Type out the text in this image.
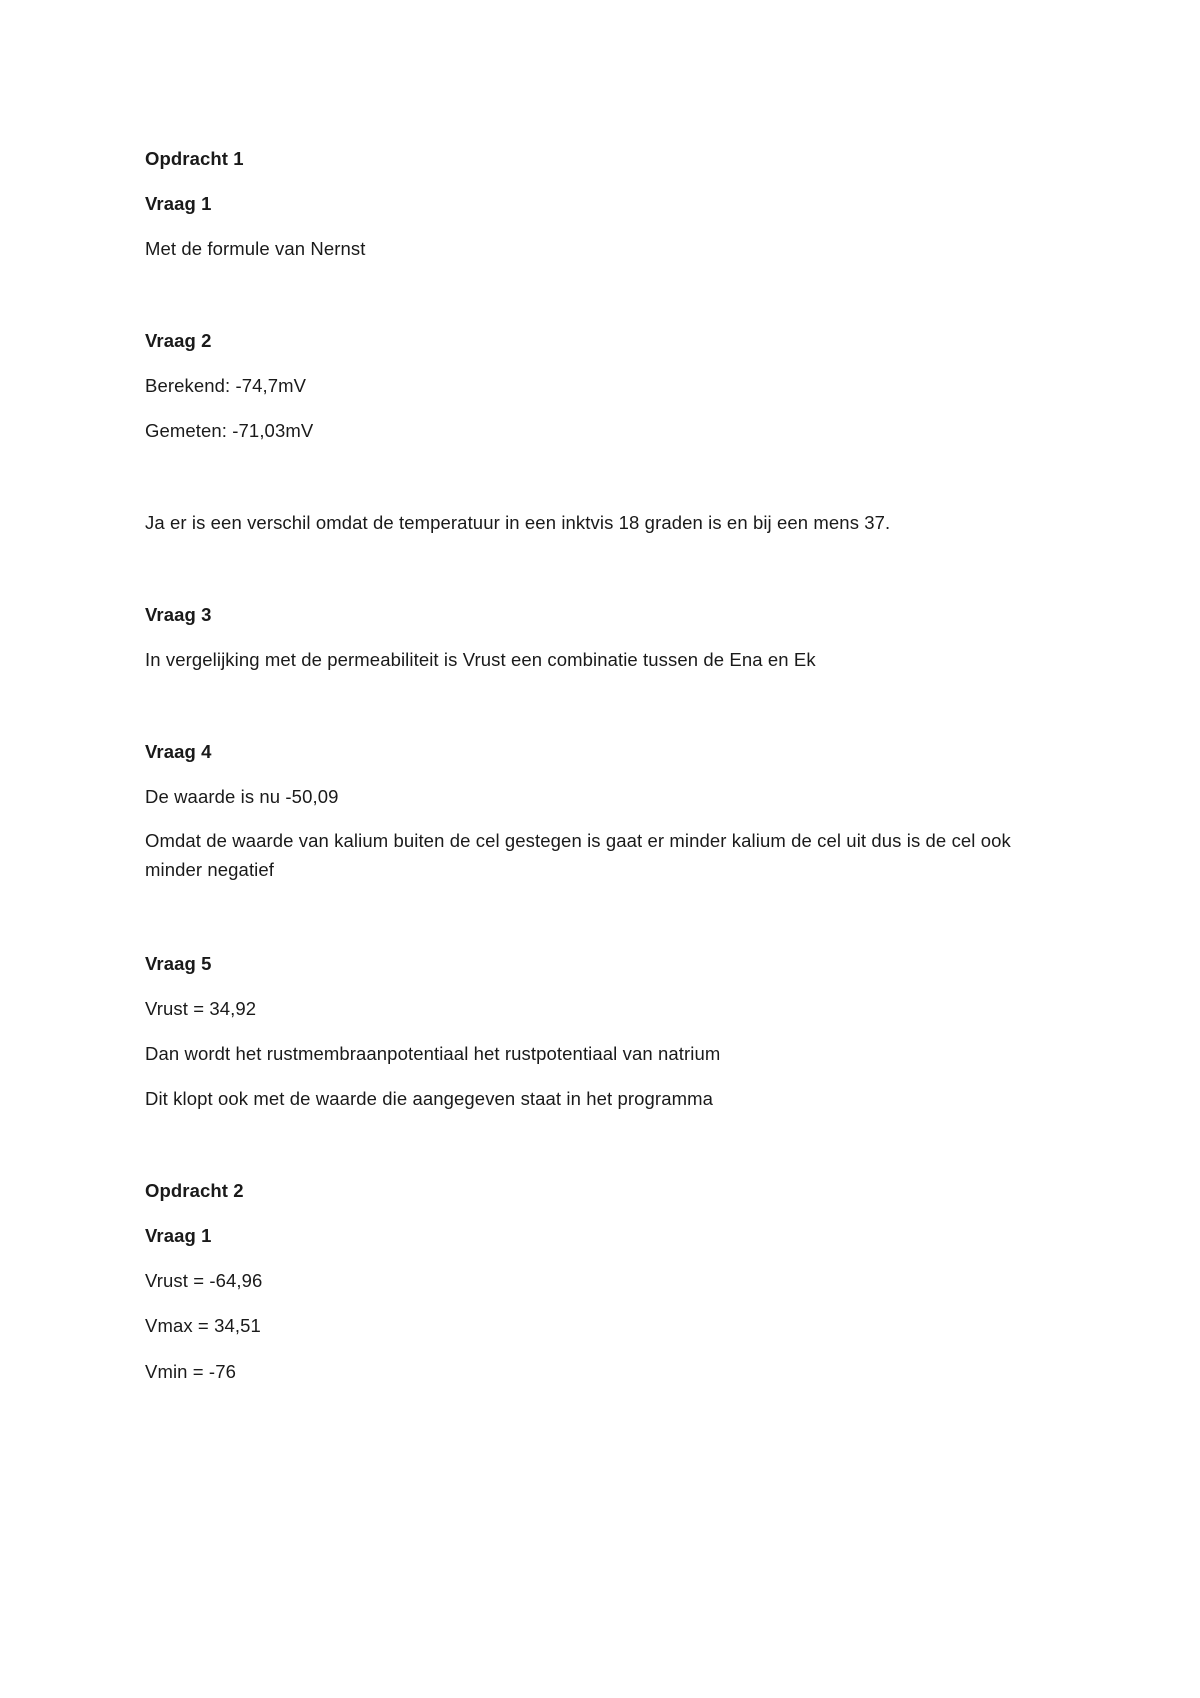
Opdracht 1
Vraag 1
Met de formule van Nernst
Vraag 2
Berekend: -74,7mV
Gemeten: -71,03mV
Ja er is een verschil omdat de temperatuur in een inktvis 18 graden is en bij een mens 37.
Vraag 3
In vergelijking met de permeabiliteit is Vrust een combinatie tussen de Ena en Ek
Vraag 4
De waarde is nu -50,09
Omdat de waarde van kalium buiten de cel gestegen is gaat er minder kalium de cel uit dus is de cel ook minder negatief
Vraag 5
Vrust = 34,92
Dan wordt het rustmembraanpotentiaal het rustpotentiaal van natrium
Dit klopt ook met de waarde die aangegeven staat in het programma
Opdracht 2
Vraag 1
Vrust = -64,96
Vmax = 34,51
Vmin = -76
